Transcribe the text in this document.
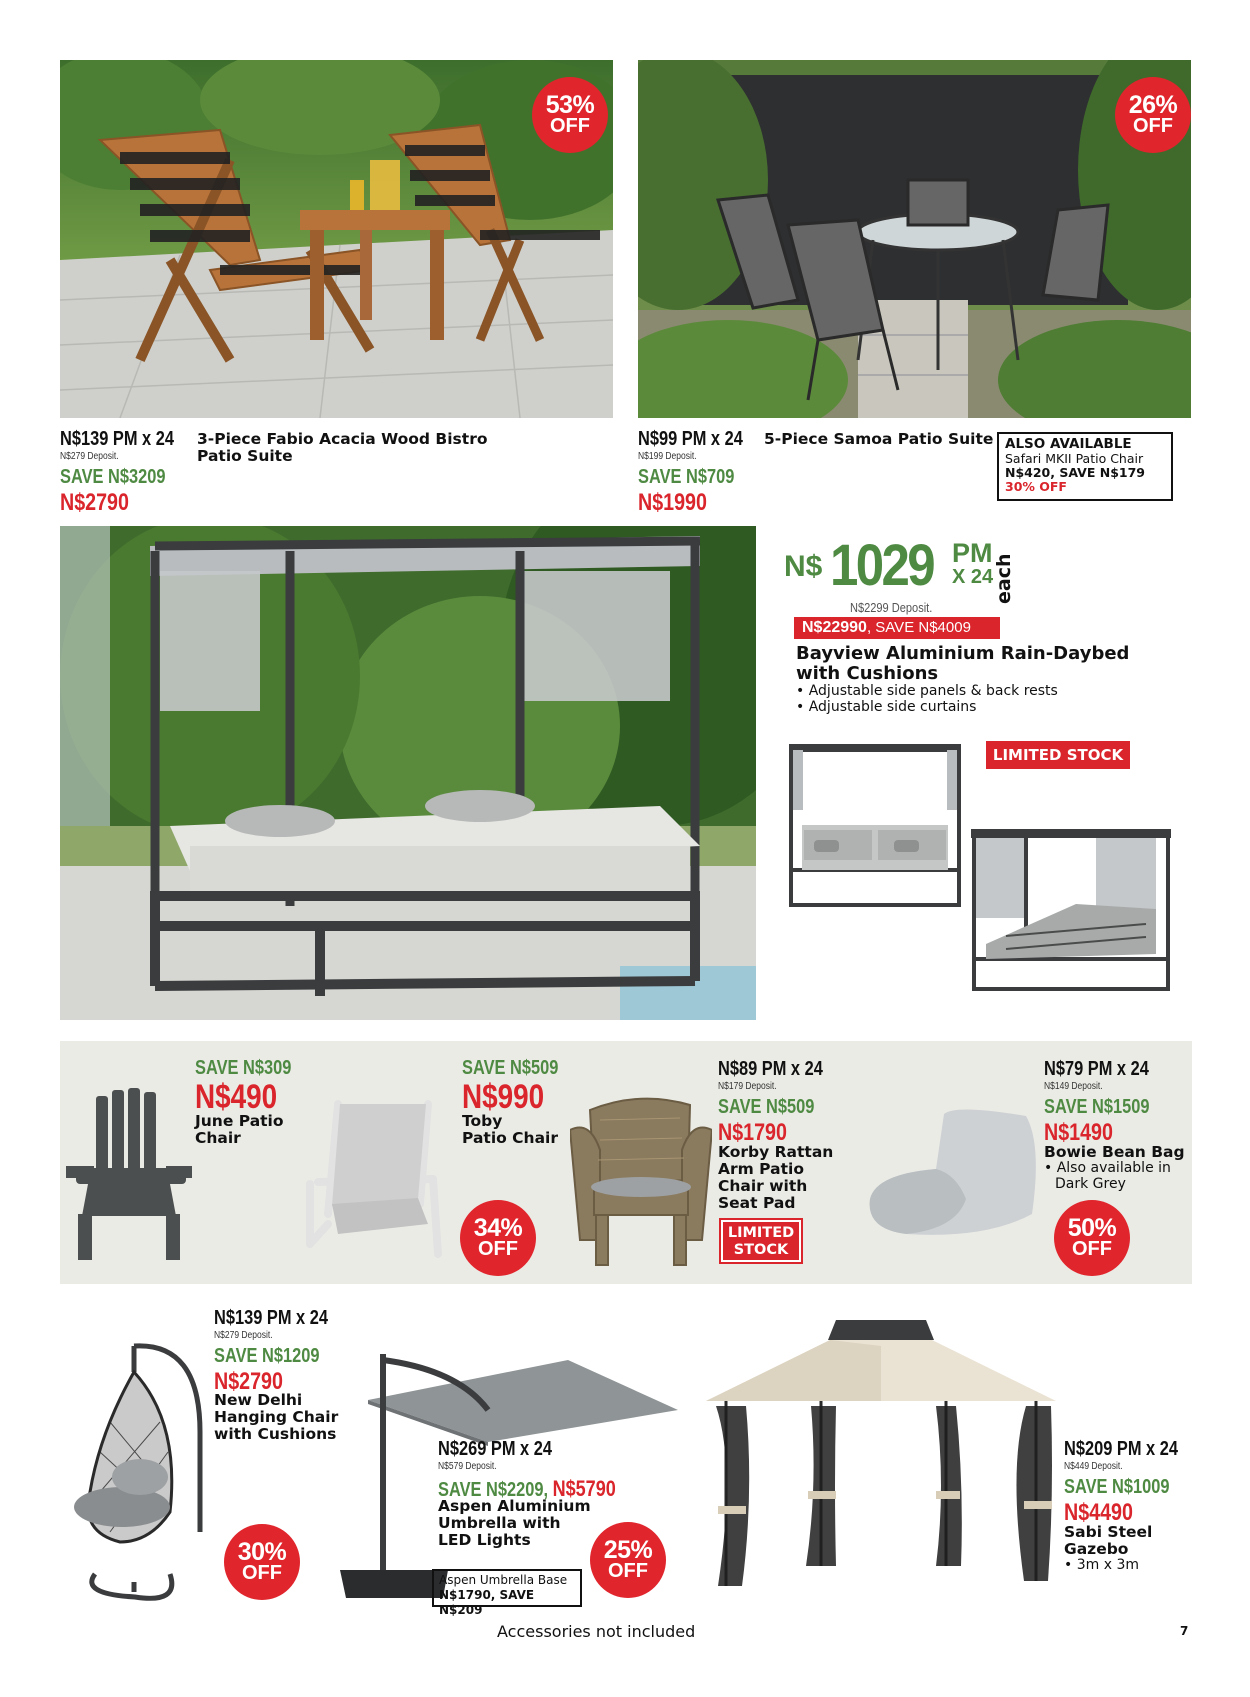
53%
OFF
26%
OFF
N$139 PM x 24
N$279 Deposit.
SAVE N$3209
N$2790
3-Piece Fabio Acacia Wood Bistro
Patio Suite
N$99 PM x 24
N$199 Deposit.
SAVE N$709
N$1990
5-Piece Samoa Patio Suite ALSO AVAILABLE
Safari MKII Patio Chair
N$420, SAVE N$179
30% OFF
N$ 1029 PM
X 24 each
N$2299 Deposit.
N$22990, SAVE N$4009
Bayview Aluminium Rain-Daybed
with Cushions
• Adjustable side panels & back rests
• Adjustable side curtains
LIMITED STOCK
SAVE N$309
N$490
June Patio
Chair
SAVE N$509
N$990
Toby
Patio Chair
34%
OFF
N$89 PM x 24
N$179 Deposit.
SAVE N$509
N$1790
Korby Rattan
Arm Patio
Chair with
Seat Pad
LIMITED
STOCK
N$79 PM x 24
N$149 Deposit.
SAVE N$1509
N$1490
Bowie Bean Bag
• Also available in
Dark Grey
50%
OFF
N$139 PM x 24
N$279 Deposit.
SAVE N$1209
N$2790
New Delhi
Hanging Chair
with Cushions
30%
OFF
N$269 PM x 24
N$579 Deposit.
SAVE N$2209, N$5790
Aspen Aluminium
Umbrella with
LED Lights
Aspen Umbrella Base
N$1790, SAVE N$209
25%
OFF
N$209 PM x 24
N$449 Deposit.
SAVE N$1009
N$4490
Sabi Steel
Gazebo
• 3m x 3m
Accessories not included	7
